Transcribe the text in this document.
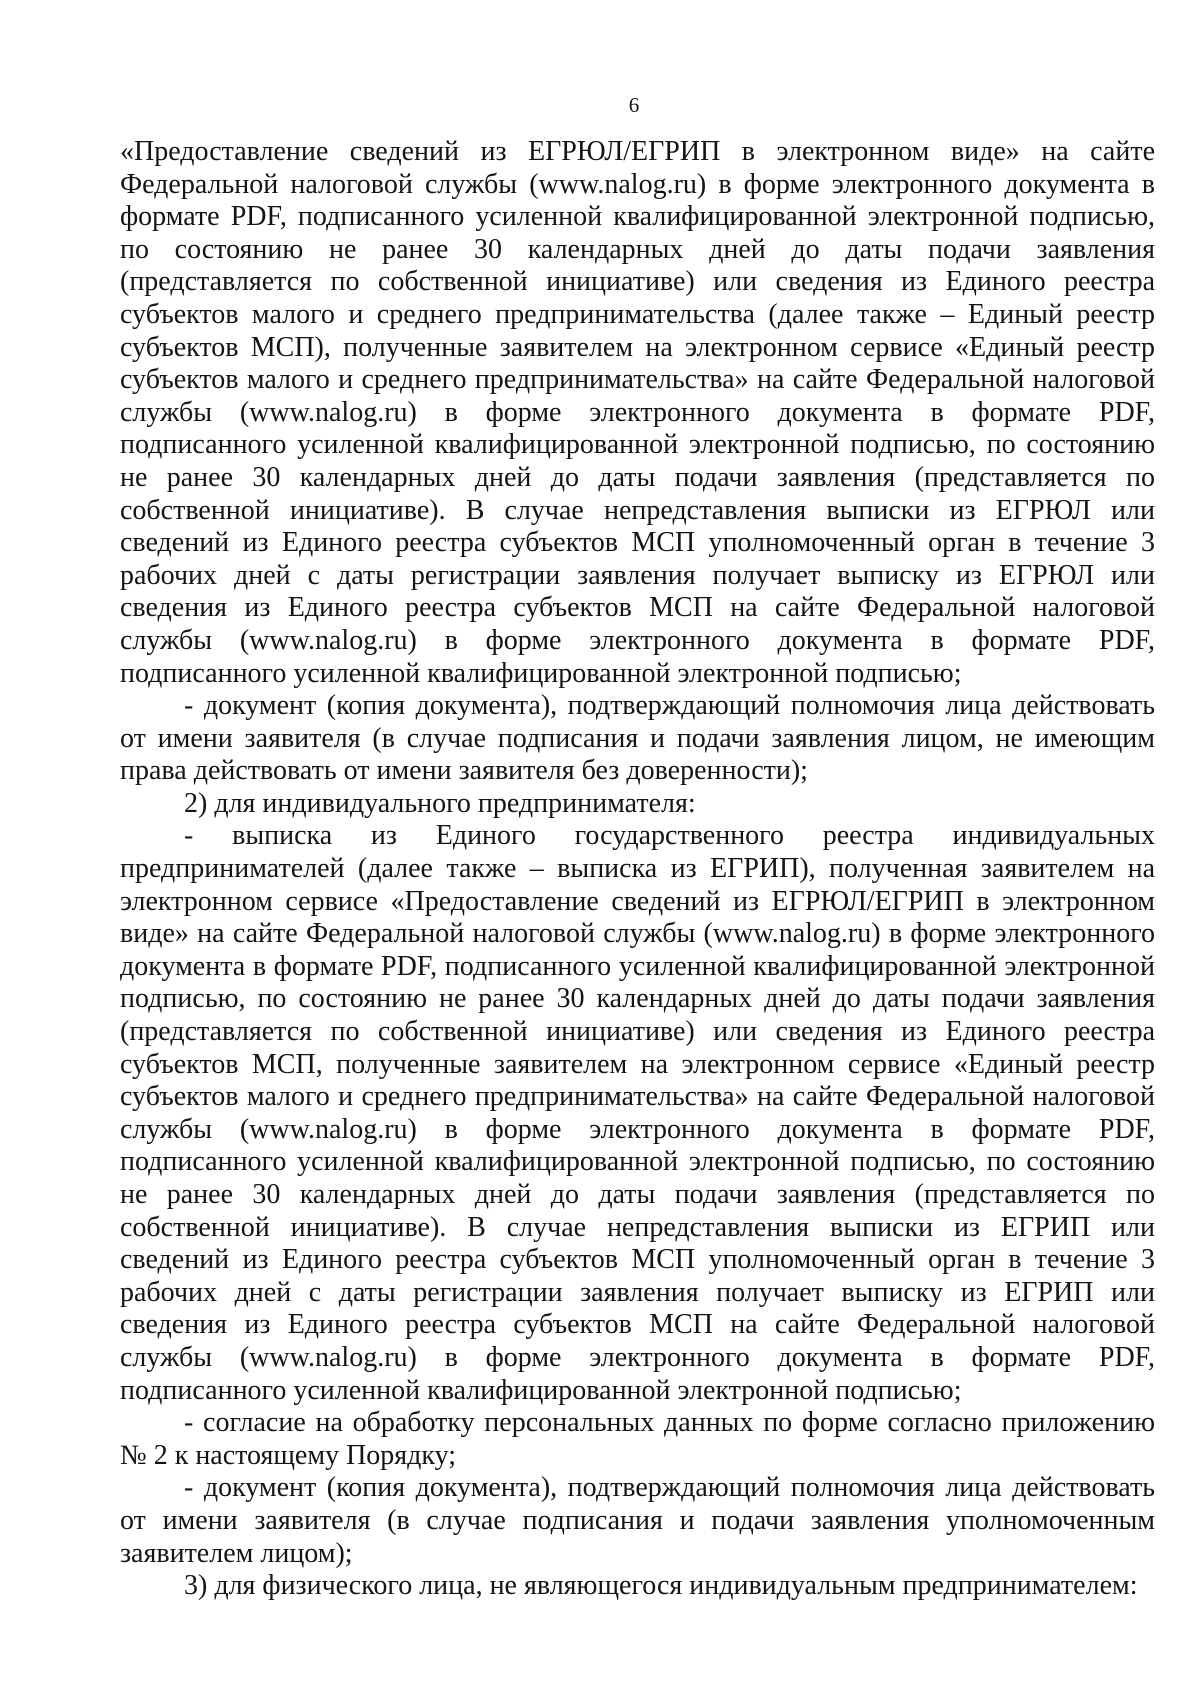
6

«Предоставление сведений из ЕГРЮЛ/ЕГРИП в электронном виде» на сайте Федеральной налоговой службы (www.nalog.ru) в форме электронного документа в формате PDF, подписанного усиленной квалифицированной электронной подписью, по состоянию не ранее 30 календарных дней до даты подачи заявления (представляется по собственной инициативе) или сведения из Единого реестра субъектов малого и среднего предпринимательства (далее также – Единый реестр субъектов МСП), полученные заявителем на электронном сервисе «Единый реестр субъектов малого и среднего предпринимательства» на сайте Федеральной налоговой службы (www.nalog.ru) в форме электронного документа в формате PDF, подписанного усиленной квалифицированной электронной подписью, по состоянию не ранее 30 календарных дней до даты подачи заявления (представляется по собственной инициативе). В случае непредставления выписки из ЕГРЮЛ или сведений из Единого реестра субъектов МСП уполномоченный орган в течение 3 рабочих дней с даты регистрации заявления получает выписку из ЕГРЮЛ или сведения из Единого реестра субъектов МСП на сайте Федеральной налоговой службы (www.nalog.ru) в форме электронного документа в формате PDF, подписанного усиленной квалифицированной электронной подписью;

- документ (копия документа), подтверждающий полномочия лица действовать от имени заявителя (в случае подписания и подачи заявления лицом, не имеющим права действовать от имени заявителя без доверенности);

2) для индивидуального предпринимателя:

- выписка из Единого государственного реестра индивидуальных предпринимателей (далее также – выписка из ЕГРИП), полученная заявителем на электронном сервисе «Предоставление сведений из ЕГРЮЛ/ЕГРИП в электронном виде» на сайте Федеральной налоговой службы (www.nalog.ru) в форме электронного документа в формате PDF, подписанного усиленной квалифицированной электронной подписью, по состоянию не ранее 30 календарных дней до даты подачи заявления (представляется по собственной инициативе) или сведения из Единого реестра субъектов МСП, полученные заявителем на электронном сервисе «Единый реестр субъектов малого и среднего предпринимательства» на сайте Федеральной налоговой службы (www.nalog.ru) в форме электронного документа в формате PDF, подписанного усиленной квалифицированной электронной подписью, по состоянию не ранее 30 календарных дней до даты подачи заявления (представляется по собственной инициативе). В случае непредставления выписки из ЕГРИП или сведений из Единого реестра субъектов МСП уполномоченный орган в течение 3 рабочих дней с даты регистрации заявления получает выписку из ЕГРИП или сведения из Единого реестра субъектов МСП на сайте Федеральной налоговой службы (www.nalog.ru) в форме электронного документа в формате PDF, подписанного усиленной квалифицированной электронной подписью;

- согласие на обработку персональных данных по форме согласно приложению № 2 к настоящему Порядку;

- документ (копия документа), подтверждающий полномочия лица действовать от имени заявителя (в случае подписания и подачи заявления уполномоченным заявителем лицом);

3) для физического лица, не являющегося индивидуальным предпринимателем:
